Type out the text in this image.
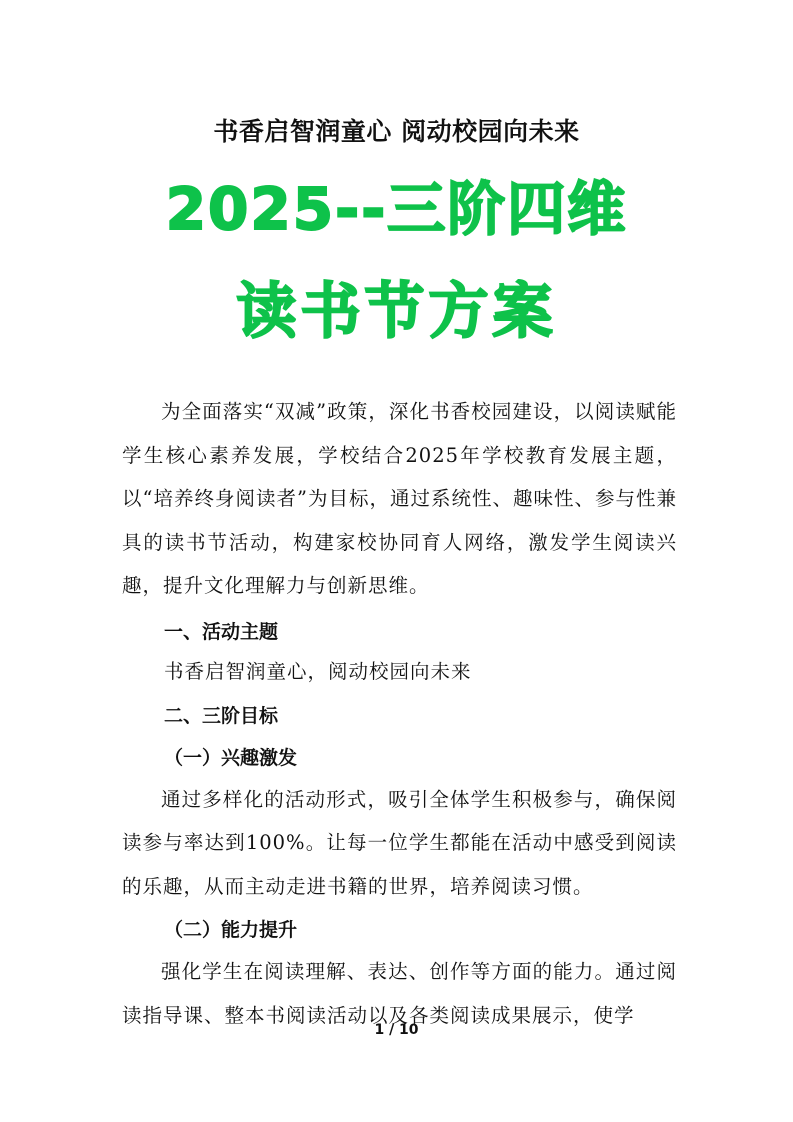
书香启智润童心 阅动校园向未来
2025--三阶四维
读书节方案

为全面落实“双减”政策，深化书香校园建设，以阅读赋能学生核心素养发展，学校结合2025年学校教育发展主题，以“培养终身阅读者”为目标，通过系统性、趣味性、参与性兼具的读书节活动，构建家校协同育人网络，激发学生阅读兴趣，提升文化理解力与创新思维。

一、活动主题
书香启智润童心，阅动校园向未来
二、三阶目标
（一）兴趣激发

通过多样化的活动形式，吸引全体学生积极参与，确保阅读参与率达到100%。让每一位学生都能在活动中感受到阅读的乐趣，从而主动走进书籍的世界，培养阅读习惯。

（二）能力提升

强化学生在阅读理解、表达、创作等方面的能力。通过阅读指导课、整本书阅读活动以及各类阅读成果展示，使学

1 / 10
